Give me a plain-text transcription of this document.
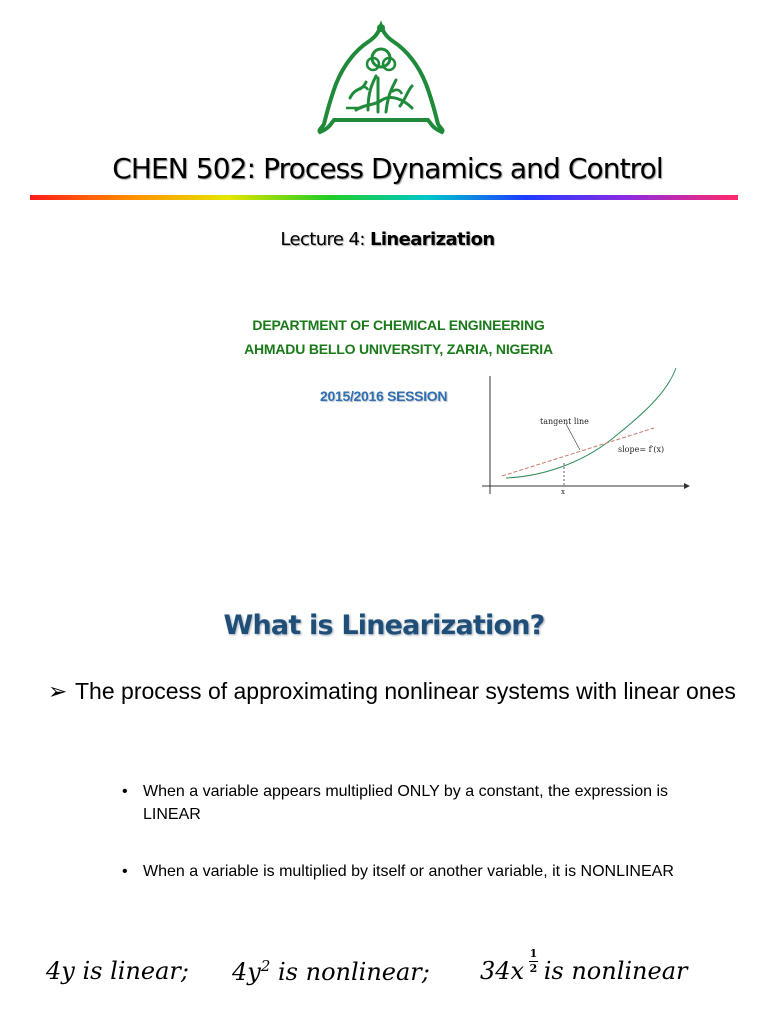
CHEN 502: Process Dynamics and Control
Lecture 4: Linearization
DEPARTMENT OF CHEMICAL ENGINEERING
AHMADU BELLO UNIVERSITY, ZARIA, NIGERIA
2015/2016 SESSION
tangent line
slope= f′(x)
x
What is Linearization?
➢ The process of approximating nonlinear systems with linear ones
• When a variable appears multiplied ONLY by a constant, the expression is LINEAR
• When a variable is multiplied by itself or another variable, it is NONLINEAR
4y is linear; $4y^2$ is nonlinear; 34x is nonlinear
1
2
